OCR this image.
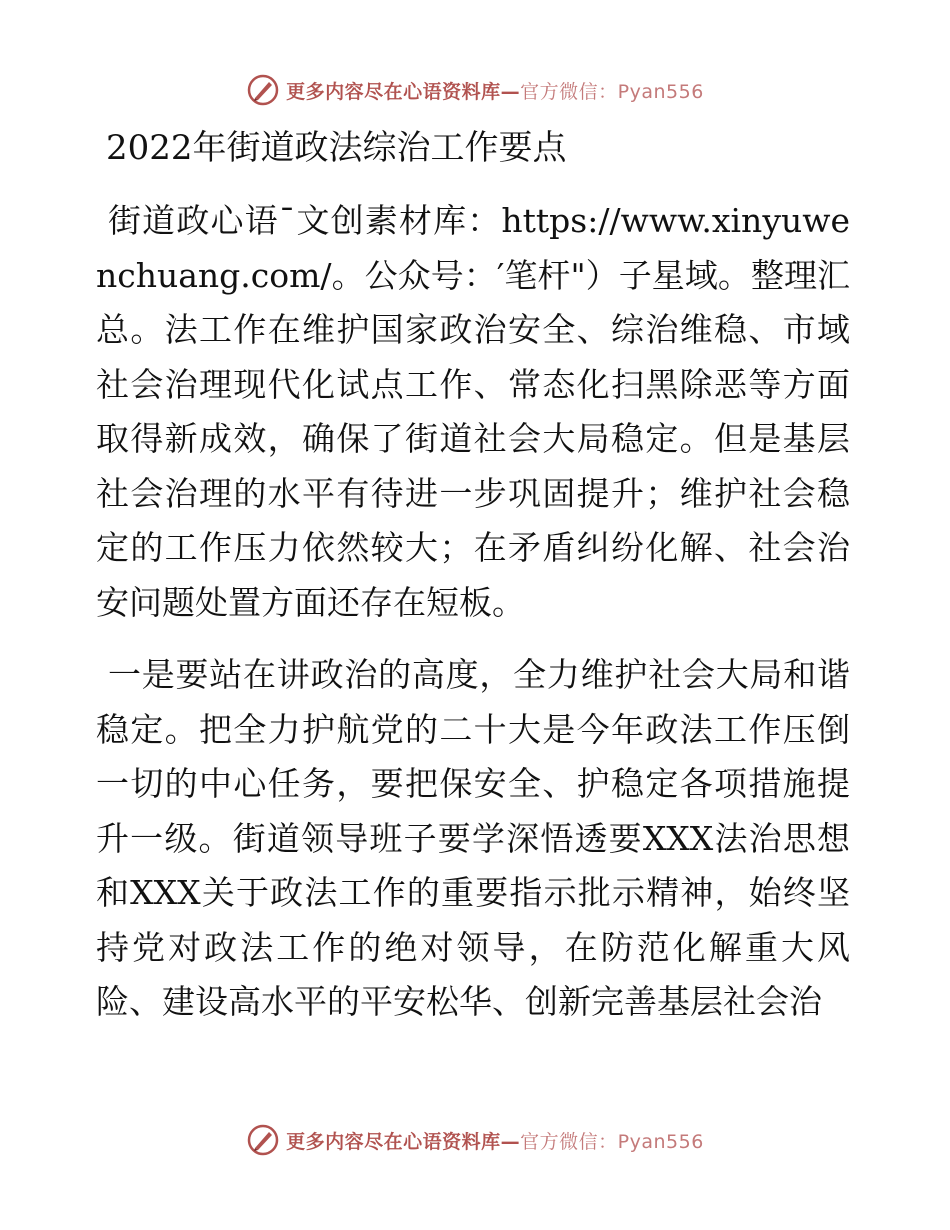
更多内容尽在心语资料库— 官方微信：Pyan556
2022年街道政法综治工作要点

街道政心语¯文创素材库：https://www.xinyuwenchuang.com/。公众号：′笔杆"）子星域。整理汇总。法工作在维护国家政治安全、综治维稳、市域社会治理现代化试点工作、常态化扫黑除恶等方面取得新成效，确保了街道社会大局稳定。但是基层社会治理的水平有待进一步巩固提升；维护社会稳定的工作压力依然较大；在矛盾纠纷化解、社会治安问题处置方面还存在短板。

一是要站在讲政治的高度，全力维护社会大局和谐稳定。把全力护航党的二十大是今年政法工作压倒一切的中心任务，要把保安全、护稳定各项措施提升一级。街道领导班子要学深悟透要XXX法治思想和XXX关于政法工作的重要指示批示精神，始终坚持党对政法工作的绝对领导，在防范化解重大风险、建设高水平的平安松华、创新完善基层社会治

更多内容尽在心语资料库— 官方微信：Pyan556
